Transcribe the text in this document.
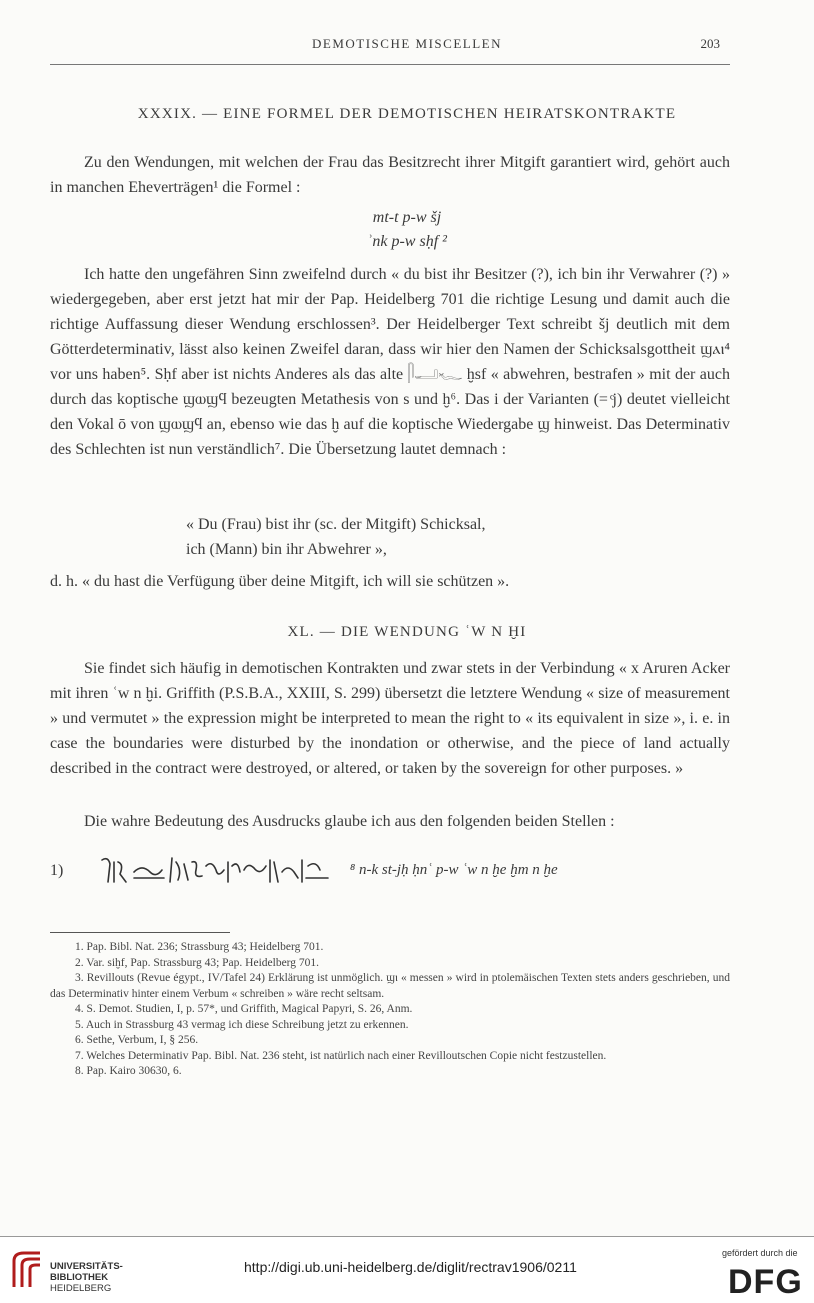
DEMOTISCHE MISCELLEN	203
XXXIX. — EINE FORMEL DER DEMOTISCHEN HEIRATSKONTRAKTE

Zu den Wendungen, mit welchen der Frau das Besitzrecht ihrer Mitgift garantiert wird, gehört auch in manchen Eheverträgen¹ die Formel :

mt-t p-w šj
ʾnk p-w sḥf ²

Ich hatte den ungefähren Sinn zweifelnd durch « du bist ihr Besitzer (?), ich bin ihr Verwahrer (?) » wiedergegeben, aber erst jetzt hat mir der Pap. Heidelberg 701 die richtige Lesung und damit auch die richtige Auffassung dieser Wendung erschlossen³. Der Heidelberger Text schreibt šj deutlich mit dem Götterdeterminativ, lässt also keinen Zweifel daran, dass wir hier den Namen der Schicksalsgottheit ϣⲁⲓ⁴ vor uns haben⁵. Sḥf aber ist nichts Anderes als das alte 𓋴𓂝𓆑 ḫsf « abwehren, bestrafen » mit der auch durch das koptische ϣⲱϣϥ bezeugten Metathesis von s und ḫ⁶. Das i der Varianten (= ͨj) deutet vielleicht den Vokal ō von ϣⲱϣϥ an, ebenso wie das ḫ auf die koptische Wiedergabe ϣ hinweist. Das Determinativ des Schlechten ist nun verständlich⁷. Die Übersetzung lautet demnach :

« Du (Frau) bist ihr (sc. der Mitgift) Schicksal,
ich (Mann) bin ihr Abwehrer »,

d. h. « du hast die Verfügung über deine Mitgift, ich will sie schützen ».

XL. — DIE WENDUNG ʿW N ḪI

Sie findet sich häufig in demotischen Kontrakten und zwar stets in der Verbindung « x Aruren Acker mit ihren ʿw n ḫi. Griffith (P.S.B.A., XXIII, S. 299) übersetzt die letztere Wendung « size of measurement » und vermutet » the expression might be interpreted to mean the right to « its equivalent in size », i. e. in case the boundaries were disturbed by the inondation or otherwise, and the piece of land actually described in the contract were destroyed, or altered, or taken by the sovereign for other purposes. »

Die wahre Bedeutung des Ausdrucks glaube ich aus den folgenden beiden Stellen :

1)	⁸ n-k st-jḥ ḥnʿ p-w ʿw n ḫe ḫm n ḫe
1. Pap. Bibl. Nat. 236; Strassburg 43; Heidelberg 701.
2. Var. siḫf, Pap. Strassburg 43; Pap. Heidelberg 701.
3. Revillouts (Revue égypt., IV/Tafel 24) Erklärung ist unmöglich. ϣⲓ « messen » wird in ptolemäischen Texten stets anders geschrieben, und das Determinativ hinter einem Verbum « schreiben » wäre recht seltsam.
4. S. Demot. Studien, I, p. 57*, und Griffith, Magical Papyri, S. 26, Anm.
5. Auch in Strassburg 43 vermag ich diese Schreibung jetzt zu erkennen.
6. Sethe, Verbum, I, § 256.
7. Welches Determinativ Pap. Bibl. Nat. 236 steht, ist natürlich nach einer Revilloutschen Copie nicht festzustellen.
8. Pap. Kairo 30630, 6.
UNIVERSITÄTS-
BIBLIOTHEK
HEIDELBERG
http://digi.ub.uni-heidelberg.de/diglit/rectrav1906/0211
gefördert durch die
DFG
